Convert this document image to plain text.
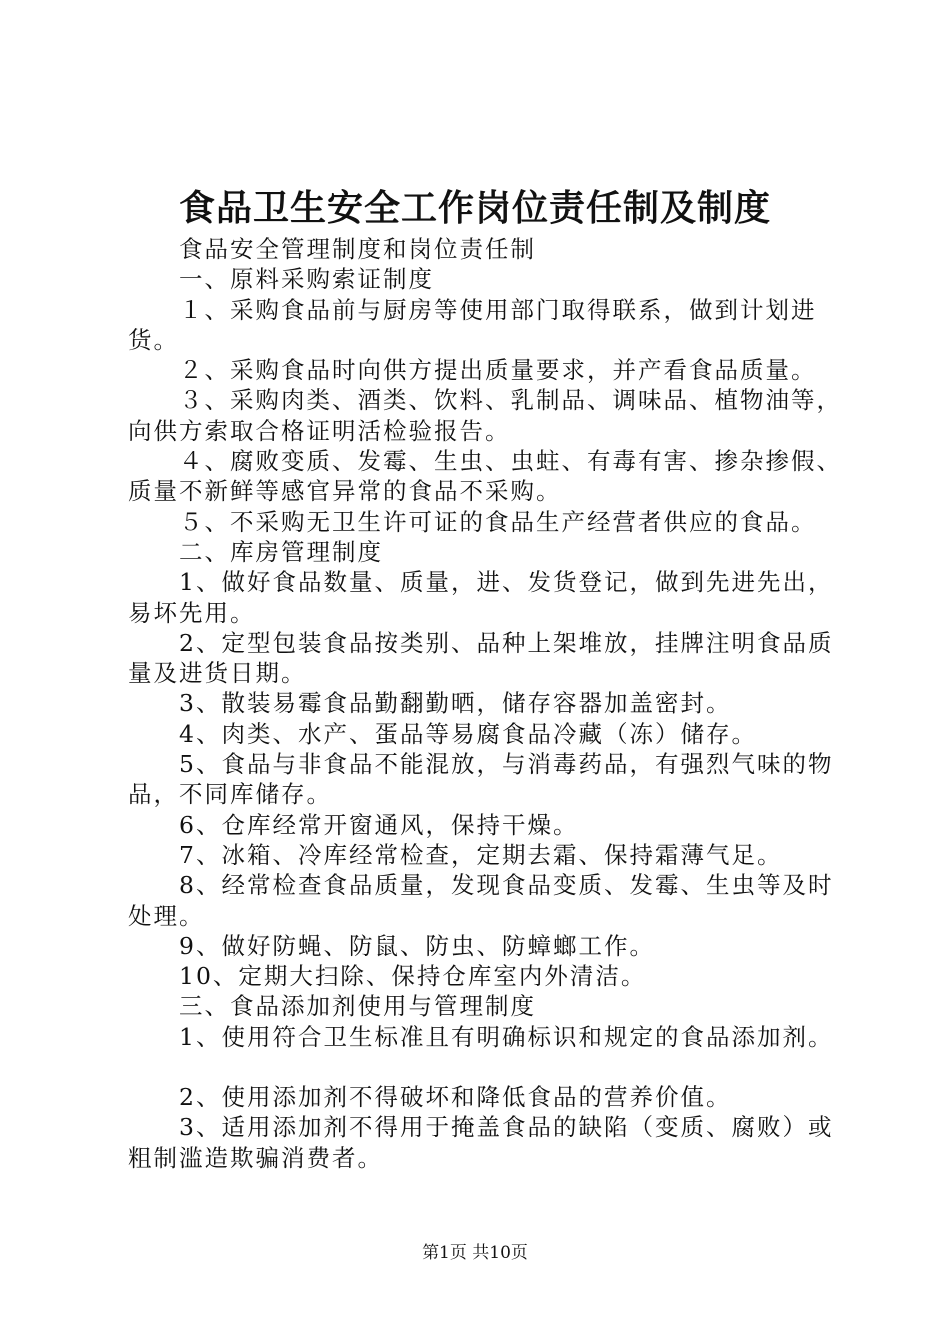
食品卫生安全工作岗位责任制及制度
　　食品安全管理制度和岗位责任制
　　一、原料采购索证制度
　　１、采购食品前与厨房等使用部门取得联系，做到计划进
货。
　　２、采购食品时向供方提出质量要求，并产看食品质量。
　　３、采购肉类、酒类、饮料、乳制品、调味品、植物油等，
向供方索取合格证明活检验报告。
　　４、腐败变质、发霉、生虫、虫蛀、有毒有害、掺杂掺假、
质量不新鲜等感官异常的食品不采购。
　　５、不采购无卫生许可证的食品生产经营者供应的食品。
　　二、库房管理制度
　　1、做好食品数量、质量，进、发货登记，做到先进先出，
易坏先用。
　　2、定型包装食品按类别、品种上架堆放，挂牌注明食品质
量及进货日期。
　　3、散装易霉食品勤翻勤晒，储存容器加盖密封。
　　4、肉类、水产、蛋品等易腐食品冷藏（冻）储存。
　　5、食品与非食品不能混放，与消毒药品，有强烈气味的物
品，不同库储存。
　　6、仓库经常开窗通风，保持干燥。
　　7、冰箱、冷库经常检查，定期去霜、保持霜薄气足。
　　8、经常检查食品质量，发现食品变质、发霉、生虫等及时
处理。
　　9、做好防蝇、防鼠、防虫、防蟑螂工作。
　　10、定期大扫除、保持仓库室内外清洁。
　　三、食品添加剂使用与管理制度
　　1、使用符合卫生标准且有明确标识和规定的食品添加剂。
　　2、使用添加剂不得破坏和降低食品的营养价值。
　　3、适用添加剂不得用于掩盖食品的缺陷（变质、腐败）或
粗制滥造欺骗消费者。
第1页 共10页
